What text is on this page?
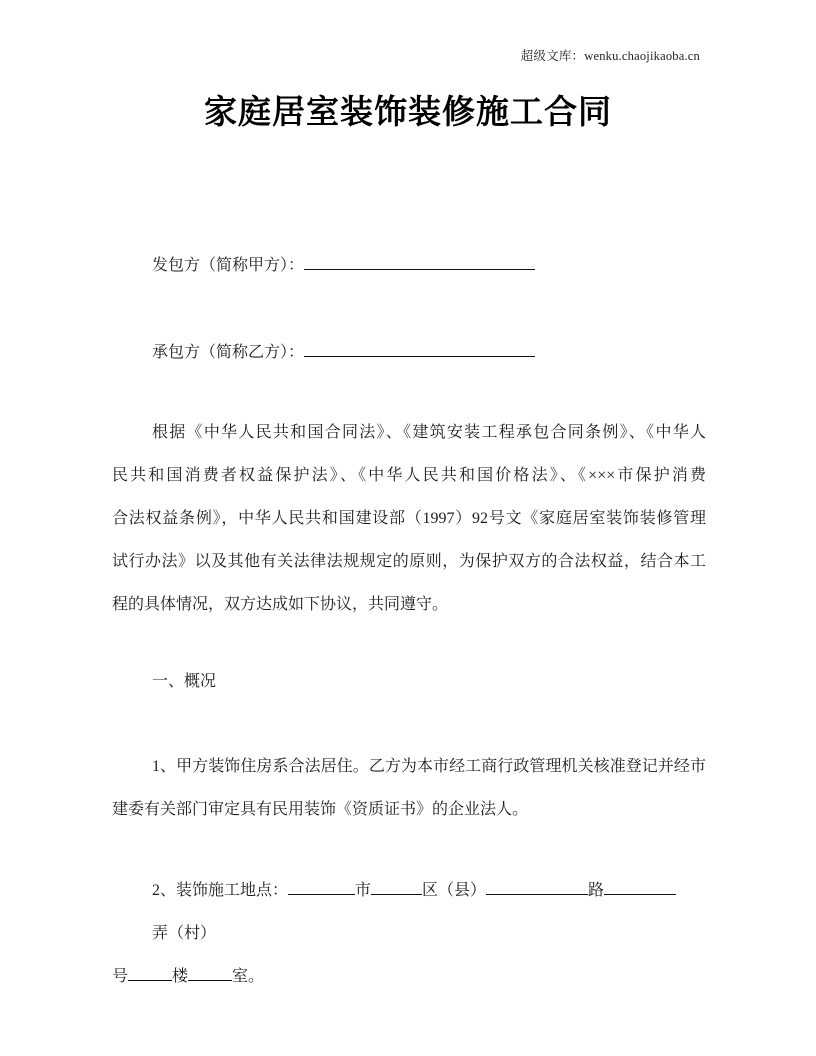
超级文库：wenku.chaojikaoba.cn
家庭居室装饰装修施工合同
发包方（简称甲方）：
承包方（简称乙方）：
根据《中华人民共和国合同法》、《建筑安装工程承包合同条例》、《中华人
民共和国消费者权益保护法》、《中华人民共和国价格法》、《×××市保护消费
合法权益条例》，中华人民共和国建设部（1997）92号文《家庭居室装饰装修管理
试行办法》以及其他有关法律法规规定的原则，为保护双方的合法权益，结合本工
程的具体情况，双方达成如下协议，共同遵守。
一、概况
1、甲方装饰住房系合法居住。乙方为本市经工商行政管理机关核准登记并经市
建委有关部门审定具有民用装饰《资质证书》的企业法人。
2、装饰施工地点：	市	区（县）	路弄（村）
号	楼	室。
